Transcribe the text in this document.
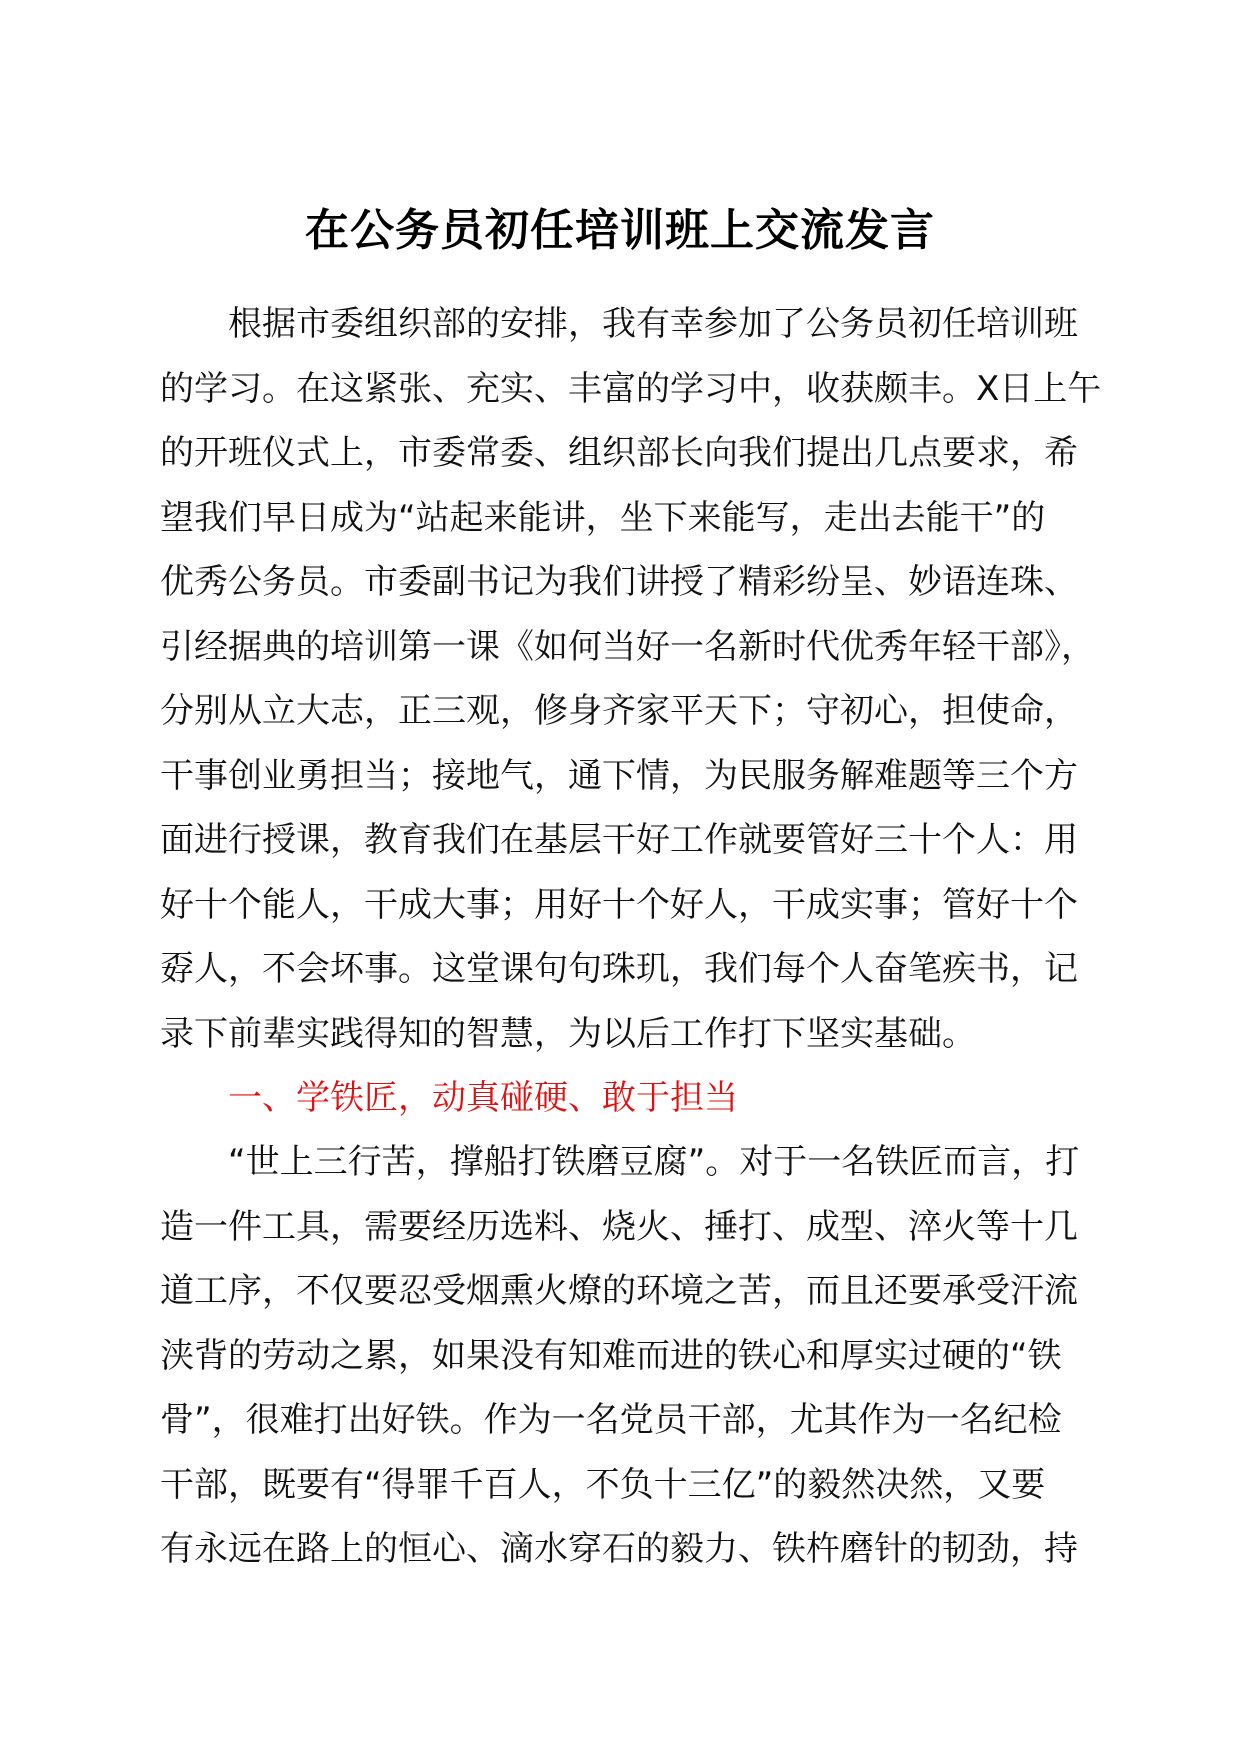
在公务员初任培训班上交流发言
根据市委组织部的安排，我有幸参加了公务员初任培训班
的学习。在这紧张、充实、丰富的学习中，收获颇丰。X日上午
的开班仪式上，市委常委、组织部长向我们提出几点要求，希
望我们早日成为“站起来能讲，坐下来能写，走出去能干”的
优秀公务员。市委副书记为我们讲授了精彩纷呈、妙语连珠、
引经据典的培训第一课《如何当好一名新时代优秀年轻干部》，
分别从立大志，正三观，修身齐家平天下；守初心，担使命，
干事创业勇担当；接地气，通下情，为民服务解难题等三个方
面进行授课，教育我们在基层干好工作就要管好三十个人：用
好十个能人，干成大事；用好十个好人，干成实事；管好十个
孬人，不会坏事。这堂课句句珠玑，我们每个人奋笔疾书，记
录下前辈实践得知的智慧，为以后工作打下坚实基础。
一、学铁匠，动真碰硬、敢于担当
“世上三行苦，撑船打铁磨豆腐”。对于一名铁匠而言，打
造一件工具，需要经历选料、烧火、捶打、成型、淬火等十几
道工序，不仅要忍受烟熏火燎的环境之苦，而且还要承受汗流
浃背的劳动之累，如果没有知难而进的铁心和厚实过硬的“铁
骨”，很难打出好铁。作为一名党员干部，尤其作为一名纪检
干部，既要有“得罪千百人，不负十三亿”的毅然决然，又要
有永远在路上的恒心、滴水穿石的毅力、铁杵磨针的韧劲，持
